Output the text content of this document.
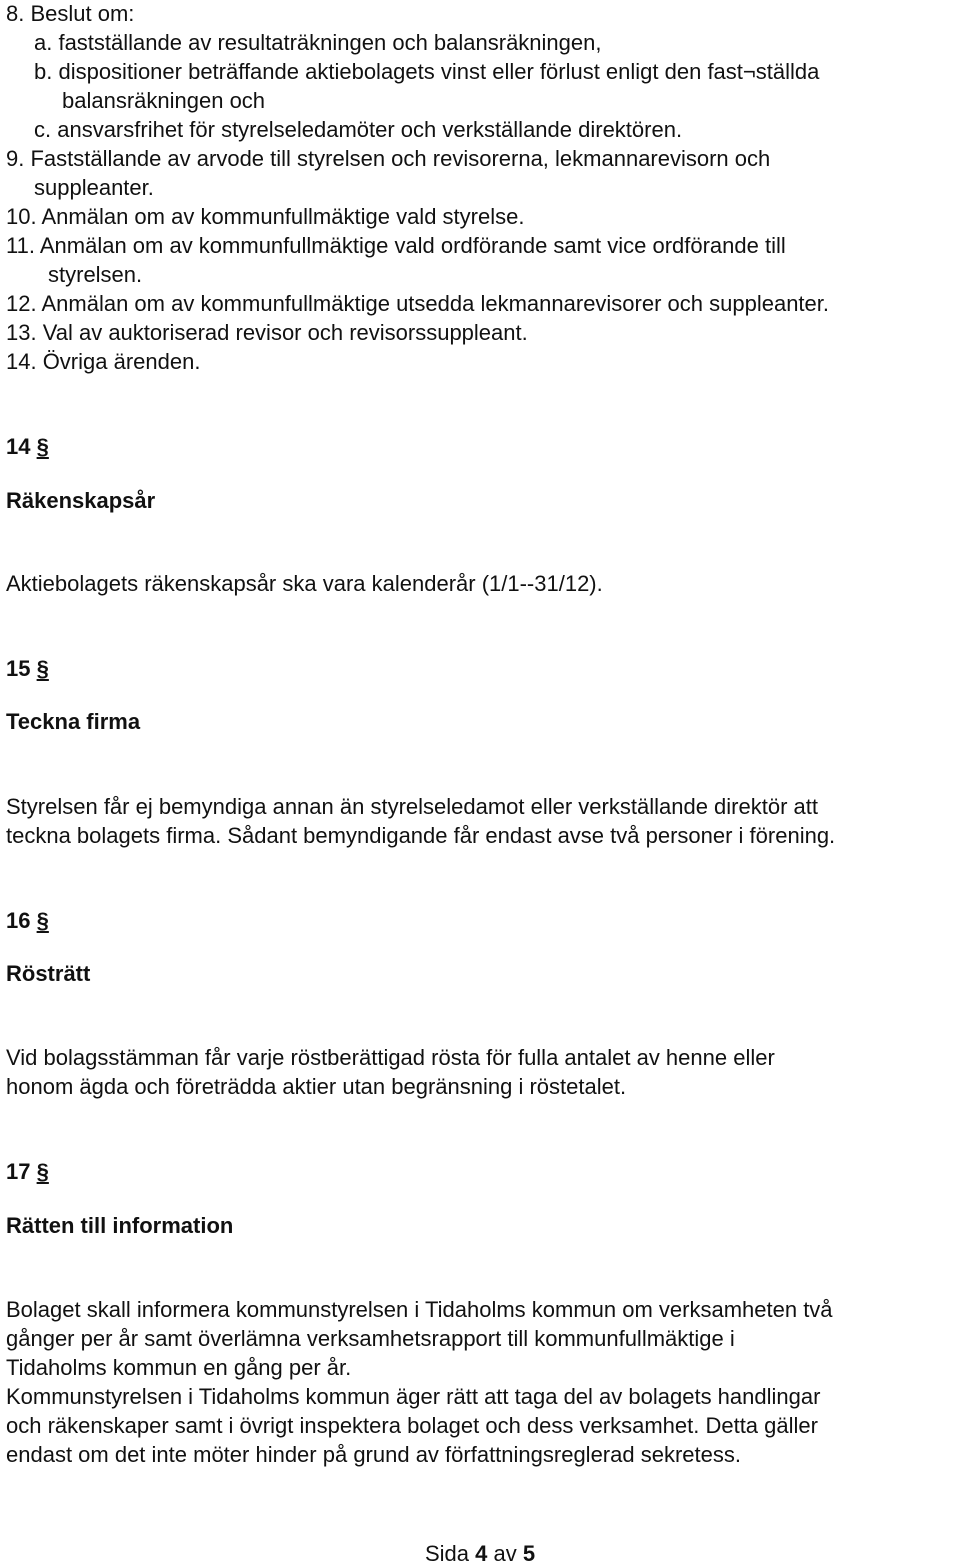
8. Beslut om:
a. fastställande av resultaträkningen och balansräkningen,
b. dispositioner beträffande aktiebolagets vinst eller förlust enligt den fast¬ställda
balansräkningen och
c. ansvarsfrihet för styrelseledamöter och verkställande direktören.
9. Fastställande av arvode till styrelsen och revisorerna, lekmannarevisorn och
suppleanter.
10. Anmälan om av kommunfullmäktige vald styrelse.
11. Anmälan om av kommunfullmäktige vald ordförande samt vice ordförande till
styrelsen.
12. Anmälan om av kommunfullmäktige utsedda lekmannarevisorer och suppleanter.
13. Val av auktoriserad revisor och revisorssuppleant.
14. Övriga ärenden.
14 §
Räkenskapsår
Aktiebolagets räkenskapsår ska vara kalenderår (1/1--31/12).
15 §
Teckna firma
Styrelsen får ej bemyndiga annan än styrelseledamot eller verkställande direktör att
teckna bolagets firma. Sådant bemyndigande får endast avse två personer i förening.
16 §
Rösträtt
Vid bolagsstämman får varje röstberättigad rösta för fulla antalet av henne eller
honom ägda och företrädda aktier utan begränsning i röstetalet.
17 §
Rätten till information
Bolaget skall informera kommunstyrelsen i Tidaholms kommun om verksamheten två
gånger per år samt överlämna verksamhetsrapport till kommunfullmäktige i
Tidaholms kommun en gång per år.
Kommunstyrelsen i Tidaholms kommun äger rätt att taga del av bolagets handlingar
och räkenskaper samt i övrigt inspektera bolaget och dess verksamhet. Detta gäller
endast om det inte möter hinder på grund av författningsreglerad sekretess.
Sida 4 av 5
